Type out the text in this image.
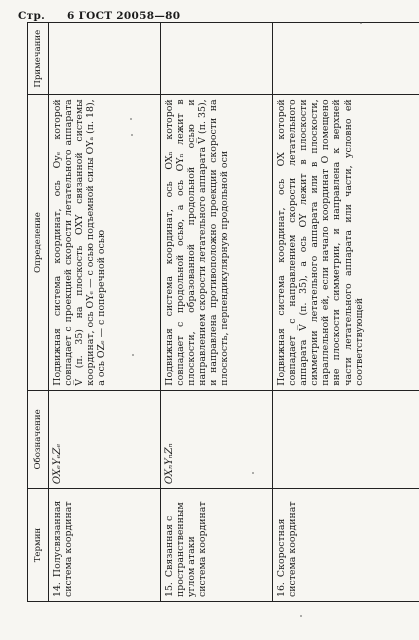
Стр. 6 ГОСТ 20058—80
Термин	Обозначение	Определение	Примечание
14. Полусвязанная система координат	OXₑYₑZₑ	Подвижная система координат, ось Oyₑ которой совпадает с проекцией скорости летательного аппарата V̅ (п. 35) на плоскость OXY связанной системы координат, ось OYₑ — с осью подъемной силы OYₐ (п. 18), а ось OZₑ — с поперечной осью	
15. Связанная с пространственным углом атаки система координат	OXₙYₙZₙ	Подвижная система координат, ось OXₙ которой совпадает с продольной осью, а ось OYₙ лежит в плоскости, образованной продольной осью и направлением скорости летательного аппарата V̅ (п. 35), и направлена противоположно проекции скорости на плоскость, перпендикулярную продольной оси	
16. Скоростная система координат		Подвижная система координат, ось OX которой совпадает с направлением скорости летательного аппарата V̅ (п. 35), а ось OY лежит в плоскости симметрии летательного аппарата или в плоскости, параллельной ей, если начало координат O помещено вне плоскости симметрии, и направлена к верхней части летательного аппарата или части, условно ей соответствующей	
